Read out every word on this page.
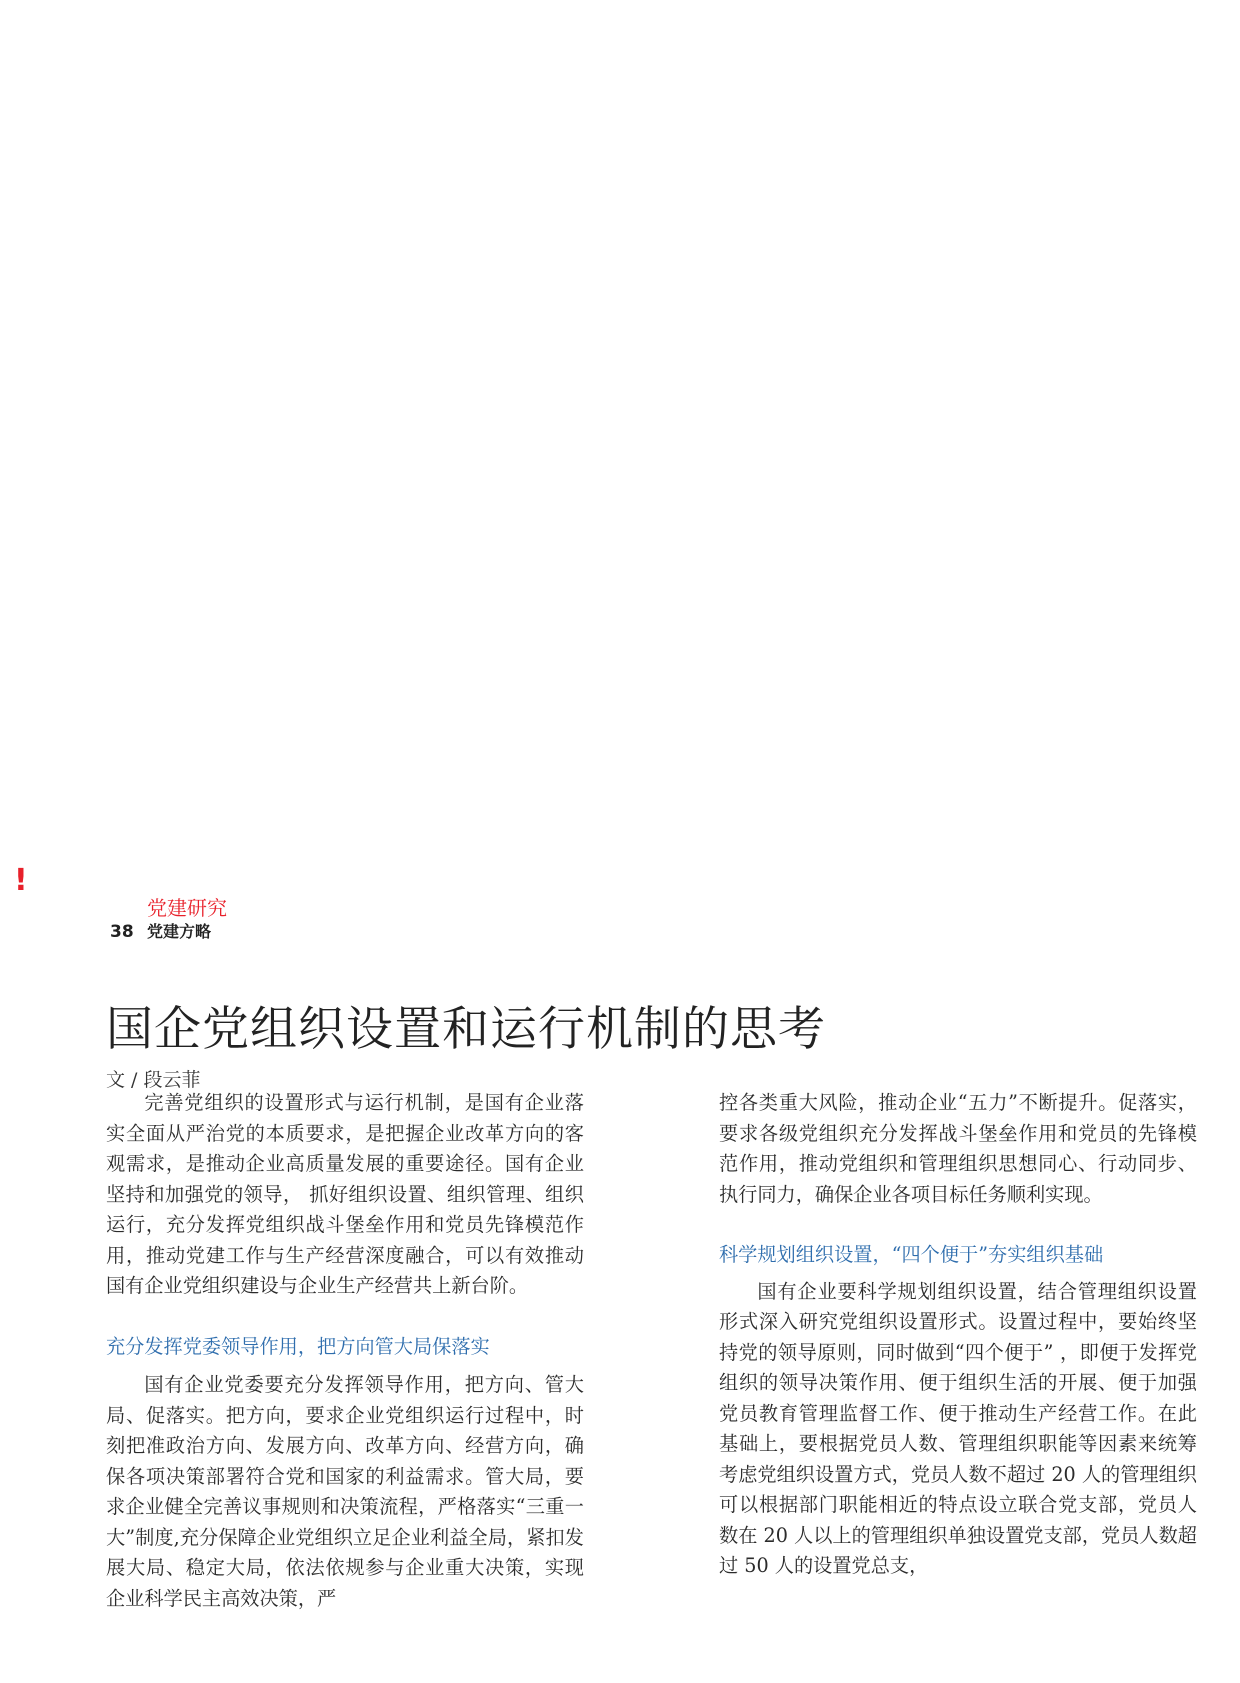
!
党建研究
38 党建方略
国企党组织设置和运行机制的思考
文 / 段云菲

完善党组织的设置形式与运行机制，是国有企业落实全面从严治党的本质要求，是把握企业改革方向的客观需求，是推动企业高质量发展的重要途径。国有企业坚持和加强党的领导， 抓好组织设置、组织管理、组织运行，充分发挥党组织战斗堡垒作用和党员先锋模范作用，推动党建工作与生产经营深度融合，可以有效推动国有企业党组织建设与企业生产经营共上新台阶。

充分发挥党委领导作用，把方向管大局保落实

国有企业党委要充分发挥领导作用，把方向、管大局、促落实。把方向，要求企业党组织运行过程中，时刻把准政治方向、发展方向、改革方向、经营方向，确保各项决策部署符合党和国家的利益需求。管大局，要求企业健全完善议事规则和决策流程，严格落实“三重一大”制度,充分保障企业党组织立足企业利益全局，紧扣发展大局、稳定大局，依法依规参与企业重大决策，实现企业科学民主高效决策，严

控各类重大风险，推动企业“五力”不断提升。促落实，要求各级党组织充分发挥战斗堡垒作用和党员的先锋模范作用，推动党组织和管理组织思想同心、行动同步、执行同力，确保企业各项目标任务顺利实现。

科学规划组织设置，“四个便于”夯实组织基础

国有企业要科学规划组织设置，结合管理组织设置形式深入研究党组织设置形式。设置过程中，要始终坚持党的领导原则，同时做到“四个便于” ，即便于发挥党组织的领导决策作用、便于组织生活的开展、便于加强党员教育管理监督工作、便于推动生产经营工作。在此基础上，要根据党员人数、管理组织职能等因素来统筹考虑党组织设置方式，党员人数不超过 20 人的管理组织可以根据部门职能相近的特点设立联合党支部，党员人数在 20 人以上的管理组织单独设置党支部，党员人数超过 50 人的设置党总支，
